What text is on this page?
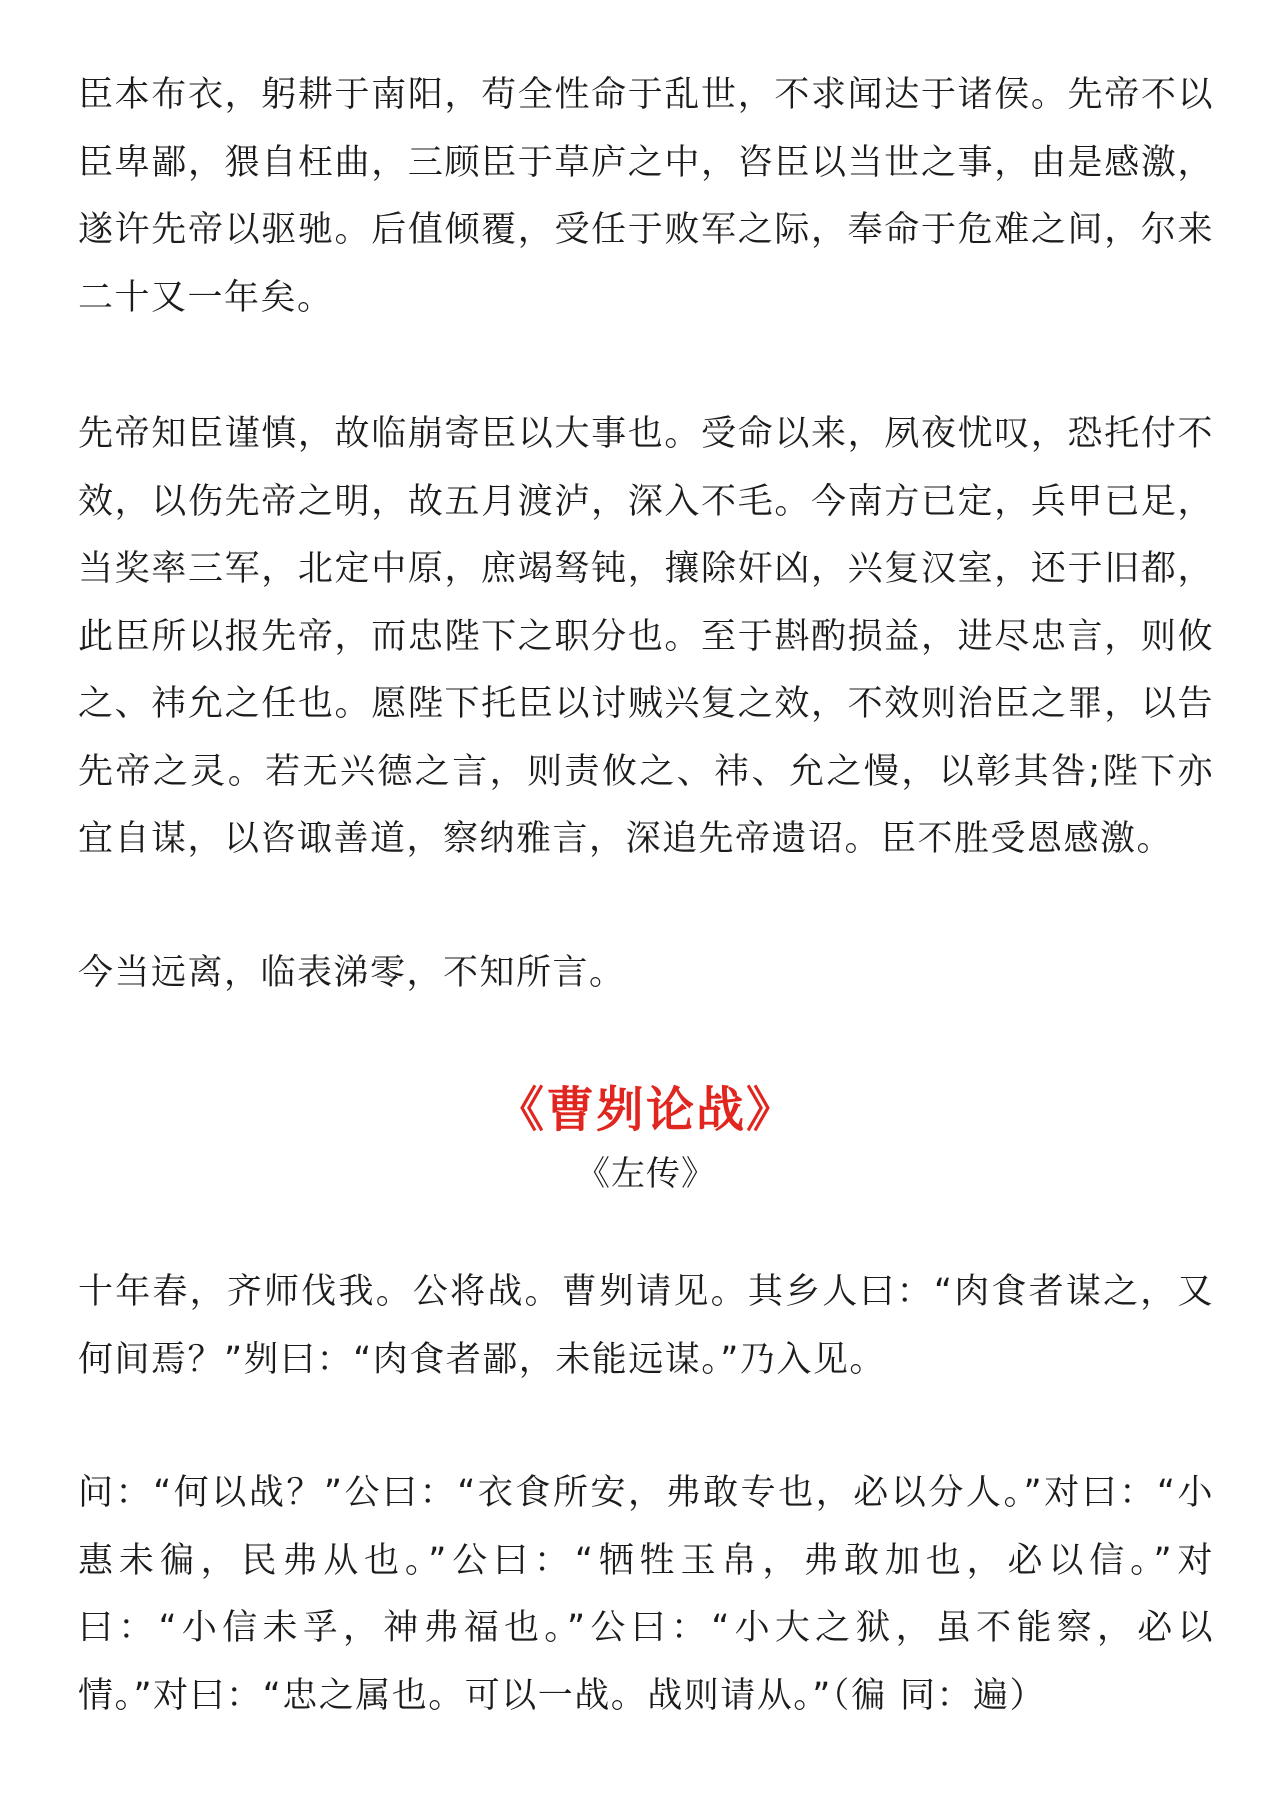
臣本布衣，躬耕于南阳，苟全性命于乱世，不求闻达于诸侯。先帝不以臣卑鄙，猥自枉曲，三顾臣于草庐之中，咨臣以当世之事，由是感激，遂许先帝以驱驰。后值倾覆，受任于败军之际，奉命于危难之间，尔来二十又一年矣。

先帝知臣谨慎，故临崩寄臣以大事也。受命以来，夙夜忧叹，恐托付不效，以伤先帝之明，故五月渡泸，深入不毛。今南方已定，兵甲已足，当奖率三军，北定中原，庶竭驽钝，攘除奸凶，兴复汉室，还于旧都，此臣所以报先帝，而忠陛下之职分也。至于斟酌损益，进尽忠言，则攸之、祎允之任也。愿陛下托臣以讨贼兴复之效，不效则治臣之罪，以告先帝之灵。若无兴德之言，则责攸之、祎、允之慢，以彰其咎;陛下亦宜自谋，以咨诹善道，察纳雅言，深追先帝遗诏。臣不胜受恩感激。

今当远离，临表涕零，不知所言。

《曹刿论战》
《左传》

十年春，齐师伐我。公将战。曹刿请见。其乡人曰：“肉食者谋之，又何间焉？”刿曰：“肉食者鄙，未能远谋。”乃入见。

问：“何以战？”公曰：“衣食所安，弗敢专也，必以分人。”对曰：“小惠未徧，民弗从也。”公曰：“牺牲玉帛，弗敢加也，必以信。”对曰：“小信未孚，神弗福也。”公曰：“小大之狱，虽不能察，必以情。”对曰：“忠之属也。可以一战。战则请从。”（徧 同：遍）
